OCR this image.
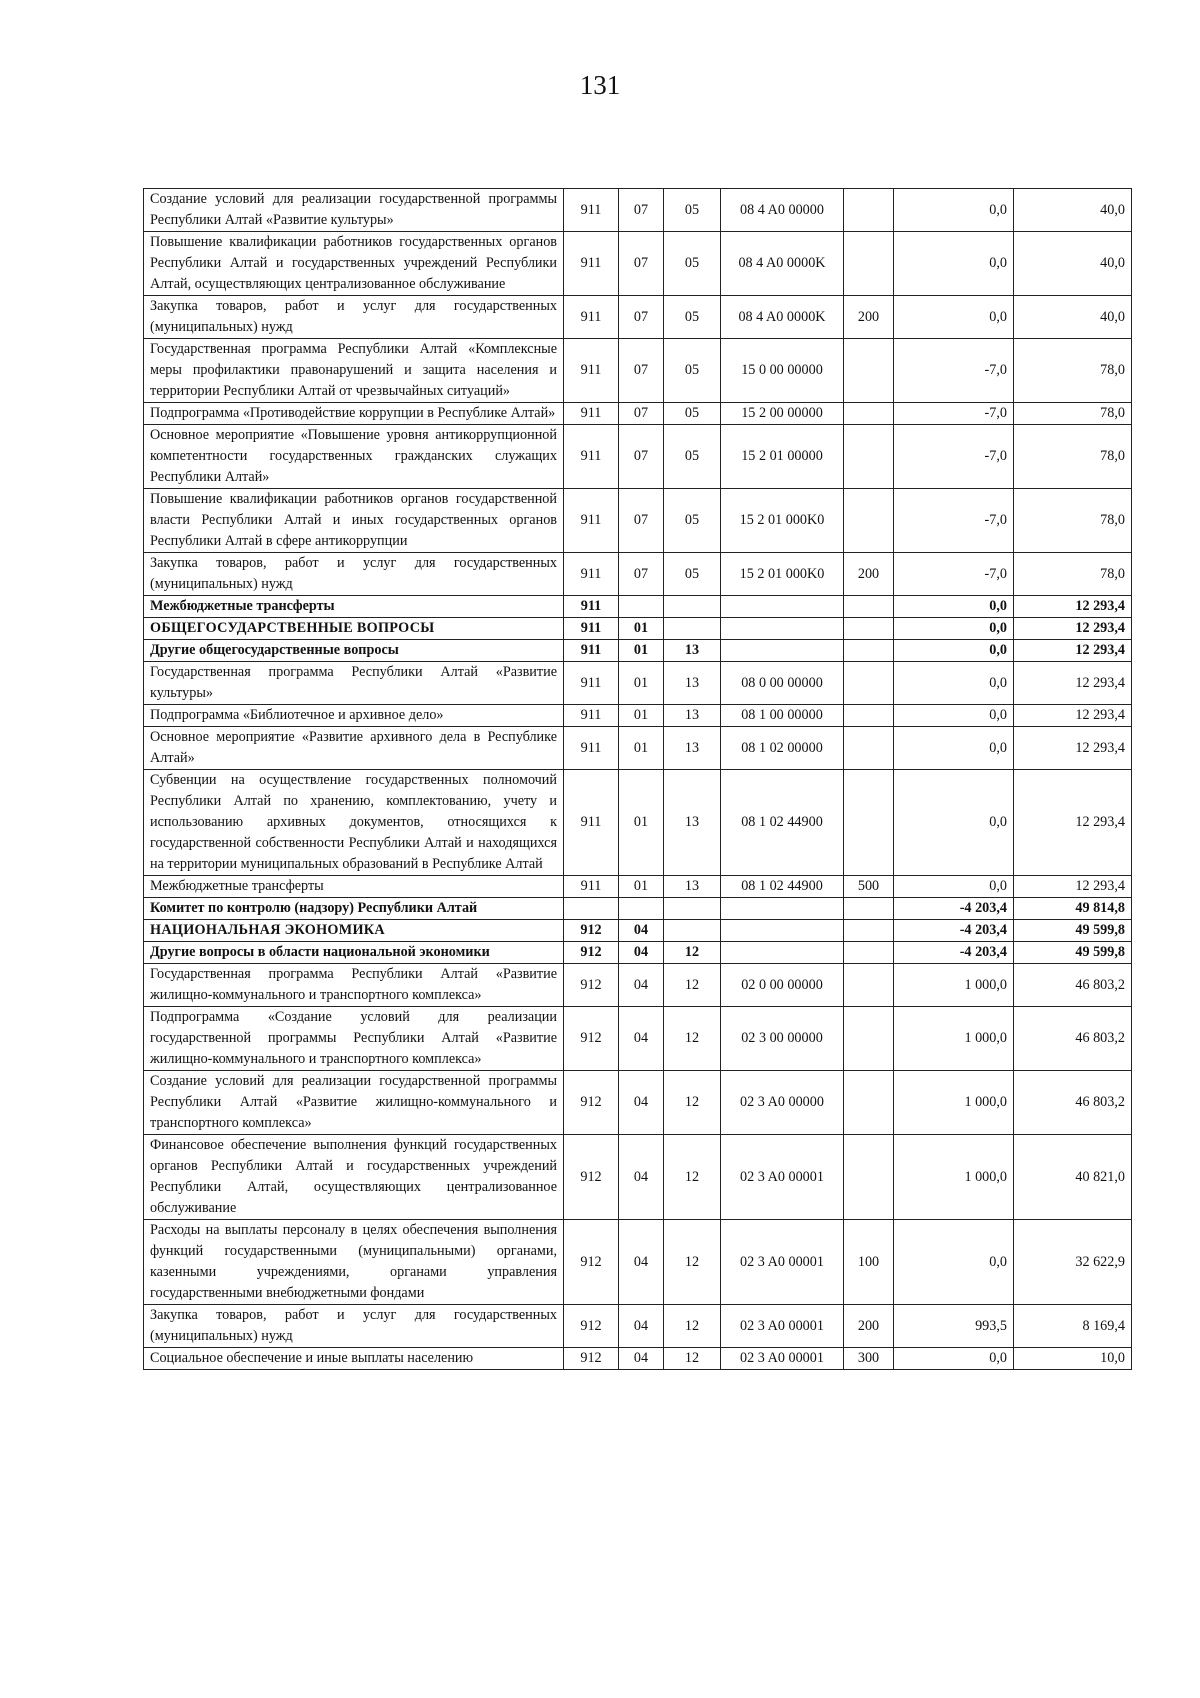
131
Создание условий для реализации государственной программы Республики Алтай «Развитие культуры»	911	07	05	08 4 A0 00000		0,0	40,0
Повышение квалификации работников государственных органов Республики Алтай и государственных учреждений Республики Алтай, осуществляющих централизованное обслуживание	911	07	05	08 4 A0 0000K		0,0	40,0
Закупка товаров, работ и услуг для государственных (муниципальных) нужд	911	07	05	08 4 A0 0000K	200	0,0	40,0
Государственная программа Республики Алтай «Комплексные меры профилактики правонарушений и защита населения и территории Республики Алтай от чрезвычайных ситуаций»	911	07	05	15 0 00 00000		-7,0	78,0
Подпрограмма «Противодействие коррупции в Республике Алтай»	911	07	05	15 2 00 00000		-7,0	78,0
Основное мероприятие «Повышение уровня антикоррупционной компетентности государственных гражданских служащих Республики Алтай»	911	07	05	15 2 01 00000		-7,0	78,0
Повышение квалификации работников органов государственной власти Республики Алтай и иных государственных органов Республики Алтай в сфере антикоррупции	911	07	05	15 2 01 000K0		-7,0	78,0
Закупка товаров, работ и услуг для государственных (муниципальных) нужд	911	07	05	15 2 01 000K0	200	-7,0	78,0
Межбюджетные трансферты	911					0,0	12 293,4
ОБЩЕГОСУДАРСТВЕННЫЕ ВОПРОСЫ	911	01				0,0	12 293,4
Другие общегосударственные вопросы	911	01	13			0,0	12 293,4
Государственная программа Республики Алтай «Развитие культуры»	911	01	13	08 0 00 00000		0,0	12 293,4
Подпрограмма «Библиотечное и архивное дело»	911	01	13	08 1 00 00000		0,0	12 293,4
Основное мероприятие «Развитие архивного дела в Республике Алтай»	911	01	13	08 1 02 00000		0,0	12 293,4
Субвенции на осуществление государственных полномочий Республики Алтай по хранению, комплектованию, учету и использованию архивных документов, относящихся к государственной собственности Республики Алтай и находящихся на территории муниципальных образований в Республике Алтай	911	01	13	08 1 02 44900		0,0	12 293,4
Межбюджетные трансферты	911	01	13	08 1 02 44900	500	0,0	12 293,4
Комитет по контролю (надзору) Республики Алтай						-4 203,4	49 814,8
НАЦИОНАЛЬНАЯ ЭКОНОМИКА	912	04				-4 203,4	49 599,8
Другие вопросы в области национальной экономики	912	04	12			-4 203,4	49 599,8
Государственная программа Республики Алтай «Развитие жилищно-коммунального и транспортного комплекса»	912	04	12	02 0 00 00000		1 000,0	46 803,2
Подпрограмма «Создание условий для реализации государственной программы Республики Алтай «Развитие жилищно-коммунального и транспортного комплекса»	912	04	12	02 3 00 00000		1 000,0	46 803,2
Создание условий для реализации государственной программы Республики Алтай «Развитие жилищно-коммунального и транспортного комплекса»	912	04	12	02 3 A0 00000		1 000,0	46 803,2
Финансовое обеспечение выполнения функций государственных органов Республики Алтай и государственных учреждений Республики Алтай, осуществляющих централизованное обслуживание	912	04	12	02 3 A0 00001		1 000,0	40 821,0
Расходы на выплаты персоналу в целях обеспечения выполнения функций государственными (муниципальными) органами, казенными учреждениями, органами управления государственными внебюджетными фондами	912	04	12	02 3 A0 00001	100	0,0	32 622,9
Закупка товаров, работ и услуг для государственных (муниципальных) нужд	912	04	12	02 3 A0 00001	200	993,5	8 169,4
Социальное обеспечение и иные выплаты населению	912	04	12	02 3 A0 00001	300	0,0	10,0
